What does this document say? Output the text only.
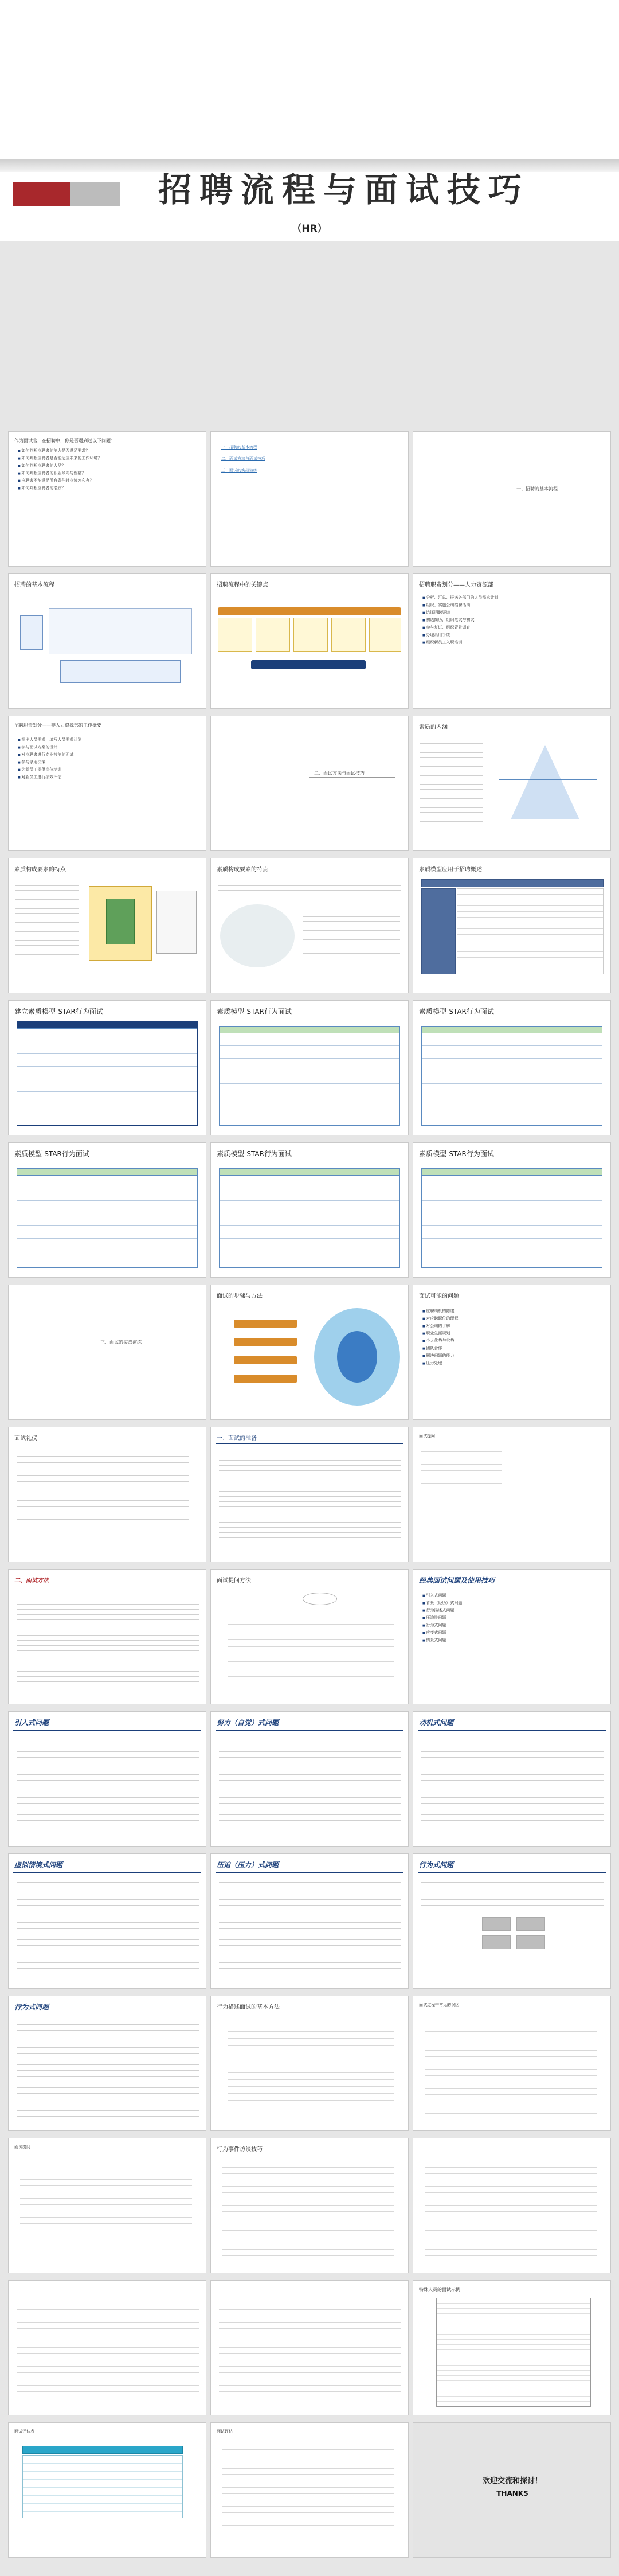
招聘流程与面试技巧
（HR）
作为面试官，在招聘中，你是否遇到过以下问题：
■ 如何判断应聘者的能力是否满足要求？
■ 如何判断应聘者是否能适应未来的工作环境？
■ 如何判断应聘者的人品？
■ 如何判断应聘者的职业倾向与性格？
■ 应聘者不能满足所有条件时应该怎么办？
■ 如何判断应聘者的潜质？
一、招聘的基本流程
二、面试方法与面试技巧
三、面试的实战演练
一、招聘的基本流程
招聘的基本流程	招聘流程中的关键点	招聘职责划分——人力资源部
■ 分析、汇总、报送各部门的人员需求计划
■ 组织、实施公司招聘活动
■ 选择招聘渠道
■ 初选简历，组织笔试与初试
■ 参与复试、组织背景调查
■ 办理录用手续
■ 组织新员工入职培训
招聘职责划分——非人力资源部的工作概要
■ 提出人员需求，填写人员需求计划
■ 参与面试方案的设计
■ 对应聘者进行专业技能的面试
■ 参与录用决策
■ 为新员工提供岗位培训
■ 对新员工进行绩效评估
二、面试方法与面试技巧
素质的内涵
素质构成要素的特点	素质构成要素的特点	素质模型应用于招聘概述
建立素质模型-STAR行为面试	素质模型-STAR行为面试	素质模型-STAR行为面试
素质模型-STAR行为面试	素质模型-STAR行为面试	素质模型-STAR行为面试
三、面试的实战演练
面试的步骤与方法	面试可能的问题
■ 应聘动机的陈述
■ 对应聘职位的理解
■ 对公司的了解
■ 职业生涯规划
■ 个人优势与劣势
■ 团队合作
■ 解决问题的能力
■ 压力处理
面试礼仪	一、面试的准备	面试提问
二、面试方法	面试提问方法	经典面试问题及使用技巧
■ 引入式问题
■ 背景（经历）式问题
■ 行为描述式问题
■ 压迫性问题
■ 行为式问题
■ 应变式问题
■ 情景式问题
引入式问题	努力（自觉）式问题	动机式问题
虚拟情境式问题	压迫（压力）式问题	行为式问题
行为式问题	行为描述面试的基本方法	面试过程中常见的误区
面试提问	行为事件访谈技巧	面试总结
面试总结	面试总结	特殊人员的面试示例
面试评估表	面试评估
欢迎交流和探讨！
THANKS
